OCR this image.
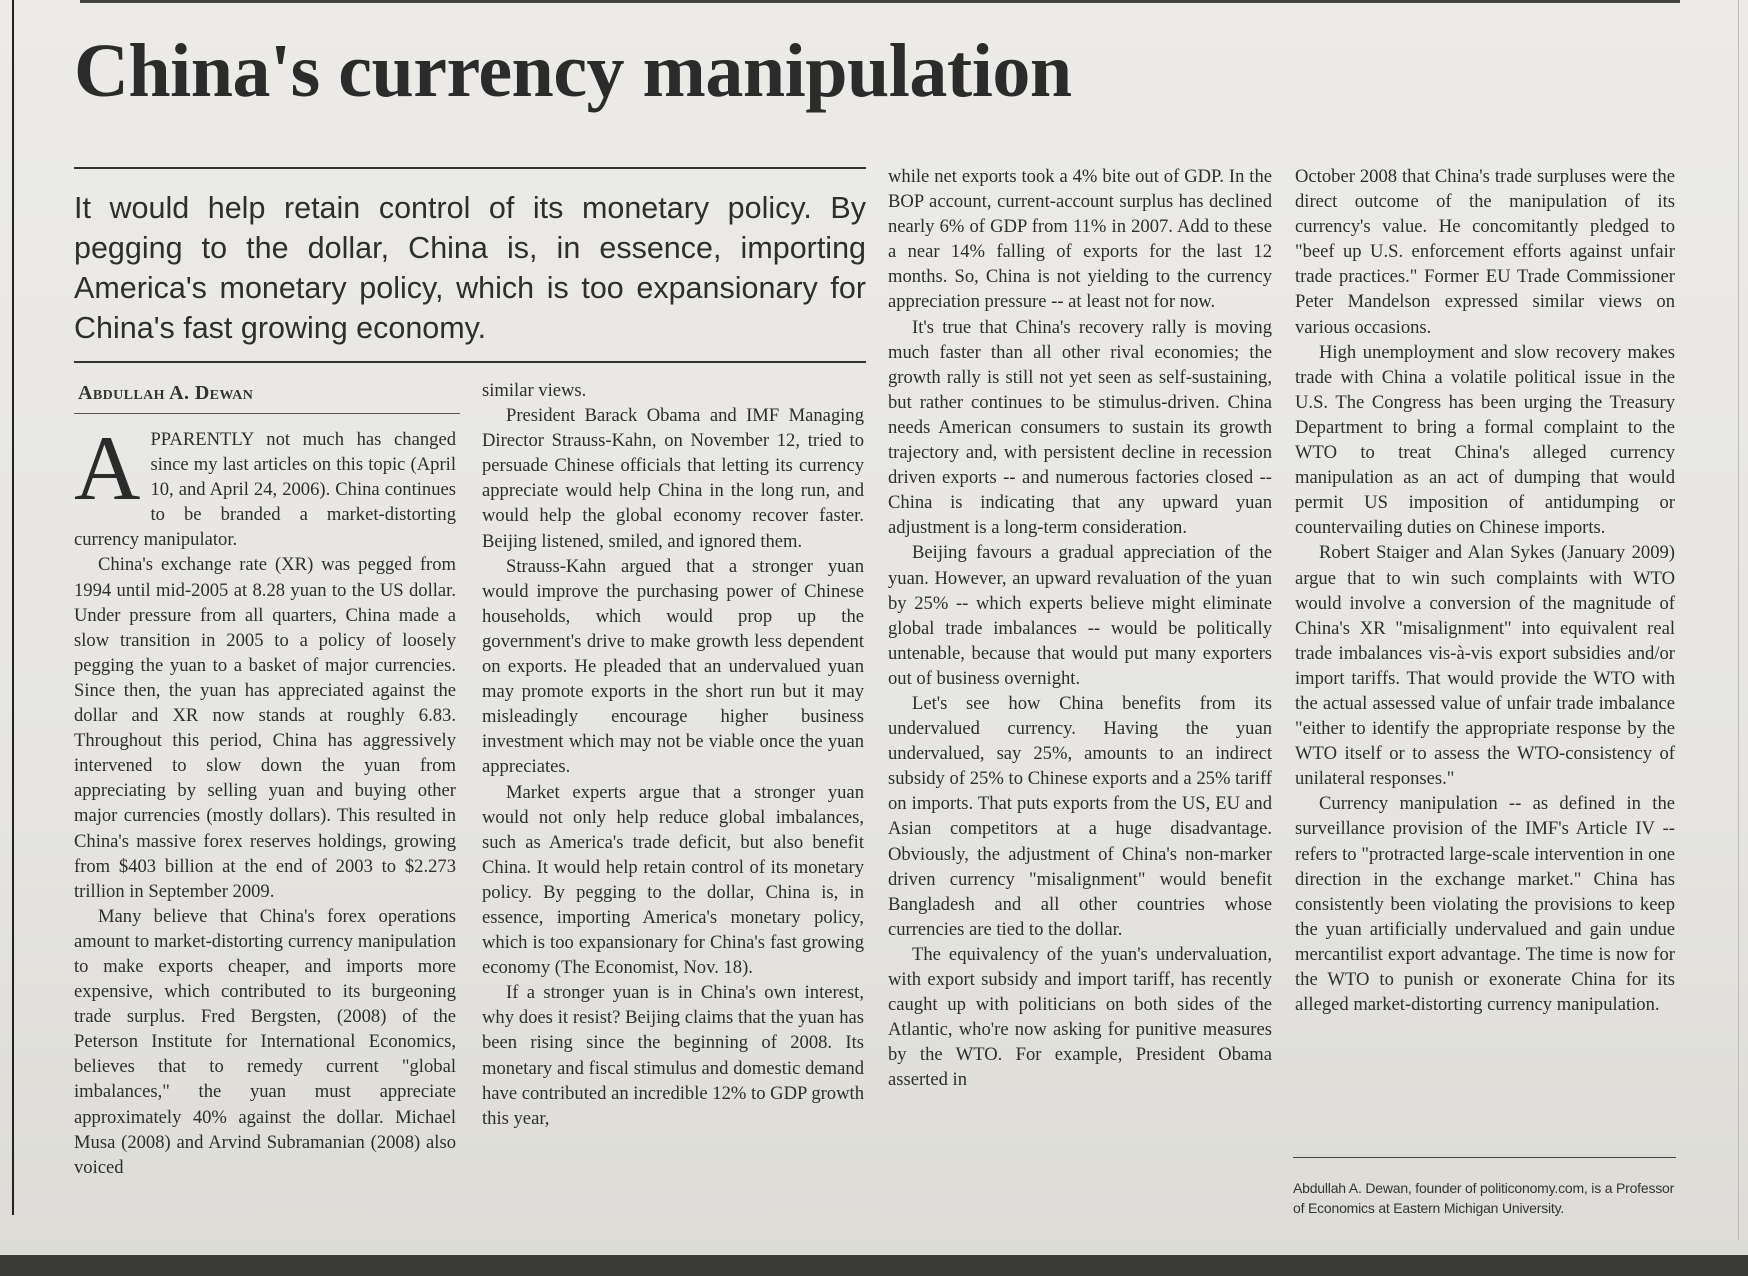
China's currency manipulation

It would help retain control of its monetary policy. By pegging to the dollar, China is, in essence, importing America's monetary policy, which is too expansionary for China's fast growing economy.

Abdullah A. Dewan

APPARENTLY not much has changed since my last articles on this topic (April 10, and April 24, 2006). China continues to be branded a market-distorting currency manipulator.

China's exchange rate (XR) was pegged from 1994 until mid-2005 at 8.28 yuan to the US dollar. Under pressure from all quarters, China made a slow transition in 2005 to a policy of loosely pegging the yuan to a basket of major currencies. Since then, the yuan has appreciated against the dollar and XR now stands at roughly 6.83. Throughout this period, China has aggressively intervened to slow down the yuan from appreciating by selling yuan and buying other major currencies (mostly dollars). This resulted in China's massive forex reserves holdings, growing from $403 billion at the end of 2003 to $2.273 trillion in September 2009.

Many believe that China's forex operations amount to market-distorting currency manipulation to make exports cheaper, and imports more expensive, which contributed to its burgeoning trade surplus. Fred Bergsten, (2008) of the Peterson Institute for International Economics, believes that to remedy current "global imbalances," the yuan must appreciate approximately 40% against the dollar. Michael Musa (2008) and Arvind Subramanian (2008) also voiced

similar views.

President Barack Obama and IMF Managing Director Strauss-Kahn, on November 12, tried to persuade Chinese officials that letting its currency appreciate would help China in the long run, and would help the global economy recover faster. Beijing listened, smiled, and ignored them.

Strauss-Kahn argued that a stronger yuan would improve the purchasing power of Chinese households, which would prop up the government's drive to make growth less dependent on exports. He pleaded that an undervalued yuan may promote exports in the short run but it may misleadingly encourage higher business investment which may not be viable once the yuan appreciates.

Market experts argue that a stronger yuan would not only help reduce global imbalances, such as America's trade deficit, but also benefit China. It would help retain control of its monetary policy. By pegging to the dollar, China is, in essence, importing America's monetary policy, which is too expansionary for China's fast growing economy (The Economist, Nov. 18).

If a stronger yuan is in China's own interest, why does it resist? Beijing claims that the yuan has been rising since the beginning of 2008. Its monetary and fiscal stimulus and domestic demand have contributed an incredible 12% to GDP growth this year,

while net exports took a 4% bite out of GDP. In the BOP account, current-account surplus has declined nearly 6% of GDP from 11% in 2007. Add to these a near 14% falling of exports for the last 12 months. So, China is not yielding to the currency appreciation pressure -- at least not for now.

It's true that China's recovery rally is moving much faster than all other rival economies; the growth rally is still not yet seen as self-sustaining, but rather continues to be stimulus-driven. China needs American consumers to sustain its growth trajectory and, with persistent decline in recession driven exports -- and numerous factories closed -- China is indicating that any upward yuan adjustment is a long-term consideration.

Beijing favours a gradual appreciation of the yuan. However, an upward revaluation of the yuan by 25% -- which experts believe might eliminate global trade imbalances -- would be politically untenable, because that would put many exporters out of business overnight.

Let's see how China benefits from its undervalued currency. Having the yuan undervalued, say 25%, amounts to an indirect subsidy of 25% to Chinese exports and a 25% tariff on imports. That puts exports from the US, EU and Asian competitors at a huge disadvantage. Obviously, the adjustment of China's non-marker driven currency "misalignment" would benefit Bangladesh and all other countries whose currencies are tied to the dollar.

The equivalency of the yuan's undervaluation, with export subsidy and import tariff, has recently caught up with politicians on both sides of the Atlantic, who're now asking for punitive measures by the WTO. For example, President Obama asserted in

October 2008 that China's trade surpluses were the direct outcome of the manipulation of its currency's value. He concomitantly pledged to "beef up U.S. enforcement efforts against unfair trade practices." Former EU Trade Commissioner Peter Mandelson expressed similar views on various occasions.

High unemployment and slow recovery makes trade with China a volatile political issue in the U.S. The Congress has been urging the Treasury Department to bring a formal complaint to the WTO to treat China's alleged currency manipulation as an act of dumping that would permit US imposition of antidumping or countervailing duties on Chinese imports.

Robert Staiger and Alan Sykes (January 2009) argue that to win such complaints with WTO would involve a conversion of the magnitude of China's XR "misalignment" into equivalent real trade imbalances vis-à-vis export subsidies and/or import tariffs. That would provide the WTO with the actual assessed value of unfair trade imbalance "either to identify the appropriate response by the WTO itself or to assess the WTO-consistency of unilateral responses."

Currency manipulation -- as defined in the surveillance provision of the IMF's Article IV -- refers to "protracted large-scale intervention in one direction in the exchange market." China has consistently been violating the provisions to keep the yuan artificially undervalued and gain undue mercantilist export advantage. The time is now for the WTO to punish or exonerate China for its alleged market-distorting currency manipulation.

Abdullah A. Dewan, founder of politiconomy.com, is a Professor of Economics at Eastern Michigan University.
